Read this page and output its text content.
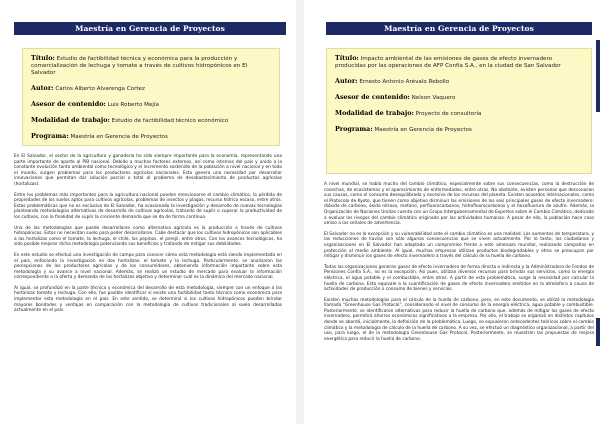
Maestría en Gerencia de Proyectos
Título: Estudio de factibilidad técnica y económica para la producción y comercialización de lechuga y tomate a través de cultivos hidropónicos en El Salvador
Autor: Carlos Alberto Alvarenga Cortez
Asesor de contenido: Luis Roberto Mejía
Modalidad de trabajo: Estudio de factibilidad técnico económico
Programa: Maestría en Gerencia de Proyectos

En El Salvador, el sector de la agricultura y ganadería ha sido siempre importante para la economía, representando una parte importante de aporte al PIB nacional. Debido a muchas factores externos, así como internos del país y unido a la constante evolución tanto ambiental como tecnológico y el incremento sostenido de la población a nivel nacional y en todo el mundo, surgen problemas para los productores agrícolas nacionales. Esto genera una necesidad por desarrollar innovaciones que permitan dar solución parcial o total al problema de desabastecimiento de productos agrícolas (hortalizas).

Entre los problemas más importantes para la agricultura nacional pueden mencionarse el cambio climático, la pérdida de propiedades de los suelos aptos para cultivos agrícolas, problemas de insectos y plagas, recurso hídrico escaso, entre otros. Estas problemáticas que no es exclusiva de El Salvador, ha ocasionado la investigación y desarrollo de nuevas tecnologías planteando metodologías alternativas de desarrollo de cultivos agrícolas, tratando de suplir o superar la productividad de los cultivos, con la finalidad de suplir la creciente demanda que se da de forma continua.

Una de las metodologías que puede desarrollarse como alternativa agrícola es la producción a través de cultivos hidropónicos. Estos no necesitan suelo para poder desarrollarse. Cabe destacar que los cultivos hidropónicos son aplicables a las hortalizas como el tomate, la lechuga, el chile, los pepinos, el perejil, entre otros. Con los avances tecnológicos, ha sido posible mejorar dicha metodología potenciando sus beneficios y tratando de mitigar sus debilidades.

En este estudio se efectuó una investigación de campo para conocer cómo esta metodología está siendo implementada en el país, enfocando la investigación en dos hortalizas: el tomate y la lechuga. Particularmente, se analizaron las percepciones de los productores agrícolas y de los consumidores, obteniendo información importante sobre esta metodología y su avance a nivel nacional. Además, se realizó un estudio de mercado para evaluar la información correspondiente a la oferta y demanda de las hortalizas objetivo y determinar cuál es la dinámica del mercado nacional.

Al igual, se profundizó en la parte técnica y económica del desarrollo de esta metodología, siempre con un enfoque a las hortalizas tomate y lechuga. Con ello, fue posible identificar si existe una factibilidad tanto técnica como económica para implementar esta metodología en el país. En este sentido, se determinó si los cultivos hidropónicos pueden brindar mayores bondades y ventajas en comparación con la metodología de cultivos tradicionales al suelo desarrolladas actualmente en el país.

Maestría en Gerencia de Proyectos
Título: Impacto ambiental de las emisiones de gases de efecto invernadero producidas por las operaciones de AFP Confía S.A., en la ciudad de San Salvador
Autor: Ernesto Antonio Arévalo Rebollo
Asesor de contenido: Nelson Vaquero
Modalidad de trabajo: Proyecto de consultoría
Programa: Maestría en Gerencia de Proyectos

A nivel mundial, se habla mucho del cambio climático, especialmente sobre sus consecuencias, como la destrucción de cosechas, de ecosistemas y el aparecimiento de enfermedades, entre otras. No obstante, existen personas que desconocen sus causas, como el consumo desequilibrado y excesivo de los recursos del planeta. Existen acuerdos internacionales, como el Protocolo de Kyoto, que tienen como objetivo disminuir las emisiones de los seis principales gases de efecto invernadero: dióxido de carbono, óxido nitroso, metano, perfluorocarbonos, hidrofluorocarbonos y el hexafluoruro de azufre. Además, la Organización de Naciones Unidas cuenta con un Grupo Intergubernamental de Expertos sobre el Cambio Climático, dedicado a evaluar los riesgos del cambio climático originado por las actividades humanas. A pesar de ello, la población hace caso omiso a las señales de advertencia.

El Salvador no es la excepción y su vulnerabilidad ante el cambio climático es una realidad. Los aumentos de temperatura, y las reducciones de lluvias son sólo algunas consecuencias que se viven actualmente. Por lo tanto, los ciudadanos y organizaciones en El Salvador han adoptado un compromiso frente a este amenaza mundial, realizando campañas en protección al medio ambiente. Al igual, muchas empresas utilizan productos biodegradables y otros se preocupan por mitigar y disminuir los gases de efecto invernadero a través del cálculo de la huella de carbono.

Todas las organizaciones generan gases de efecto invernadero de forma directa o indirecta y la Administradora de Fondos de Pensiones Confía S.A., no es la excepción. Así pues, utilizan diversos recursos para brindar sus servicios, como la energía eléctrica, el agua potable y el combustible, entre otros. A partir de esta problemática, surge la necesidad por calcular la huella de carbono. Esto equivale a la cuantificación de gases de efecto invernadero emitidos en la atmósfera a causa de actividades de producción o consumo de bienes y servicios.

Existen muchas metodologías para el cálculo de la huella de carbono, pero, en este documento, se utilizó la metodología llamada “Greenhouse Gas Protocol”, considerando el nivel de consumo de la energía eléctrica, agua potable y combustible. Posteriormente, se identificaron alternativas para reducir la huella de carbono que, además de mitigar los gases de efecto invernadero, permitirá ahorros económicos significativos a la empresa. Por ello, el trabajo se organizó en distintos capítulos donde se abordó, inicialmente, la definición de la problemática. Luego, se expusieron antecedentes teóricos sobre el cambio climático y la metodología de cálculo de la huella de carbono. A su vez, se efectuó un diagnóstico organizacional, a partir del uso, para luego, el de la metodología Greenhouse Gas Protocol. Posteriormente, se muestran las propuestas de mejora energética para reducir la huella de carbono.
